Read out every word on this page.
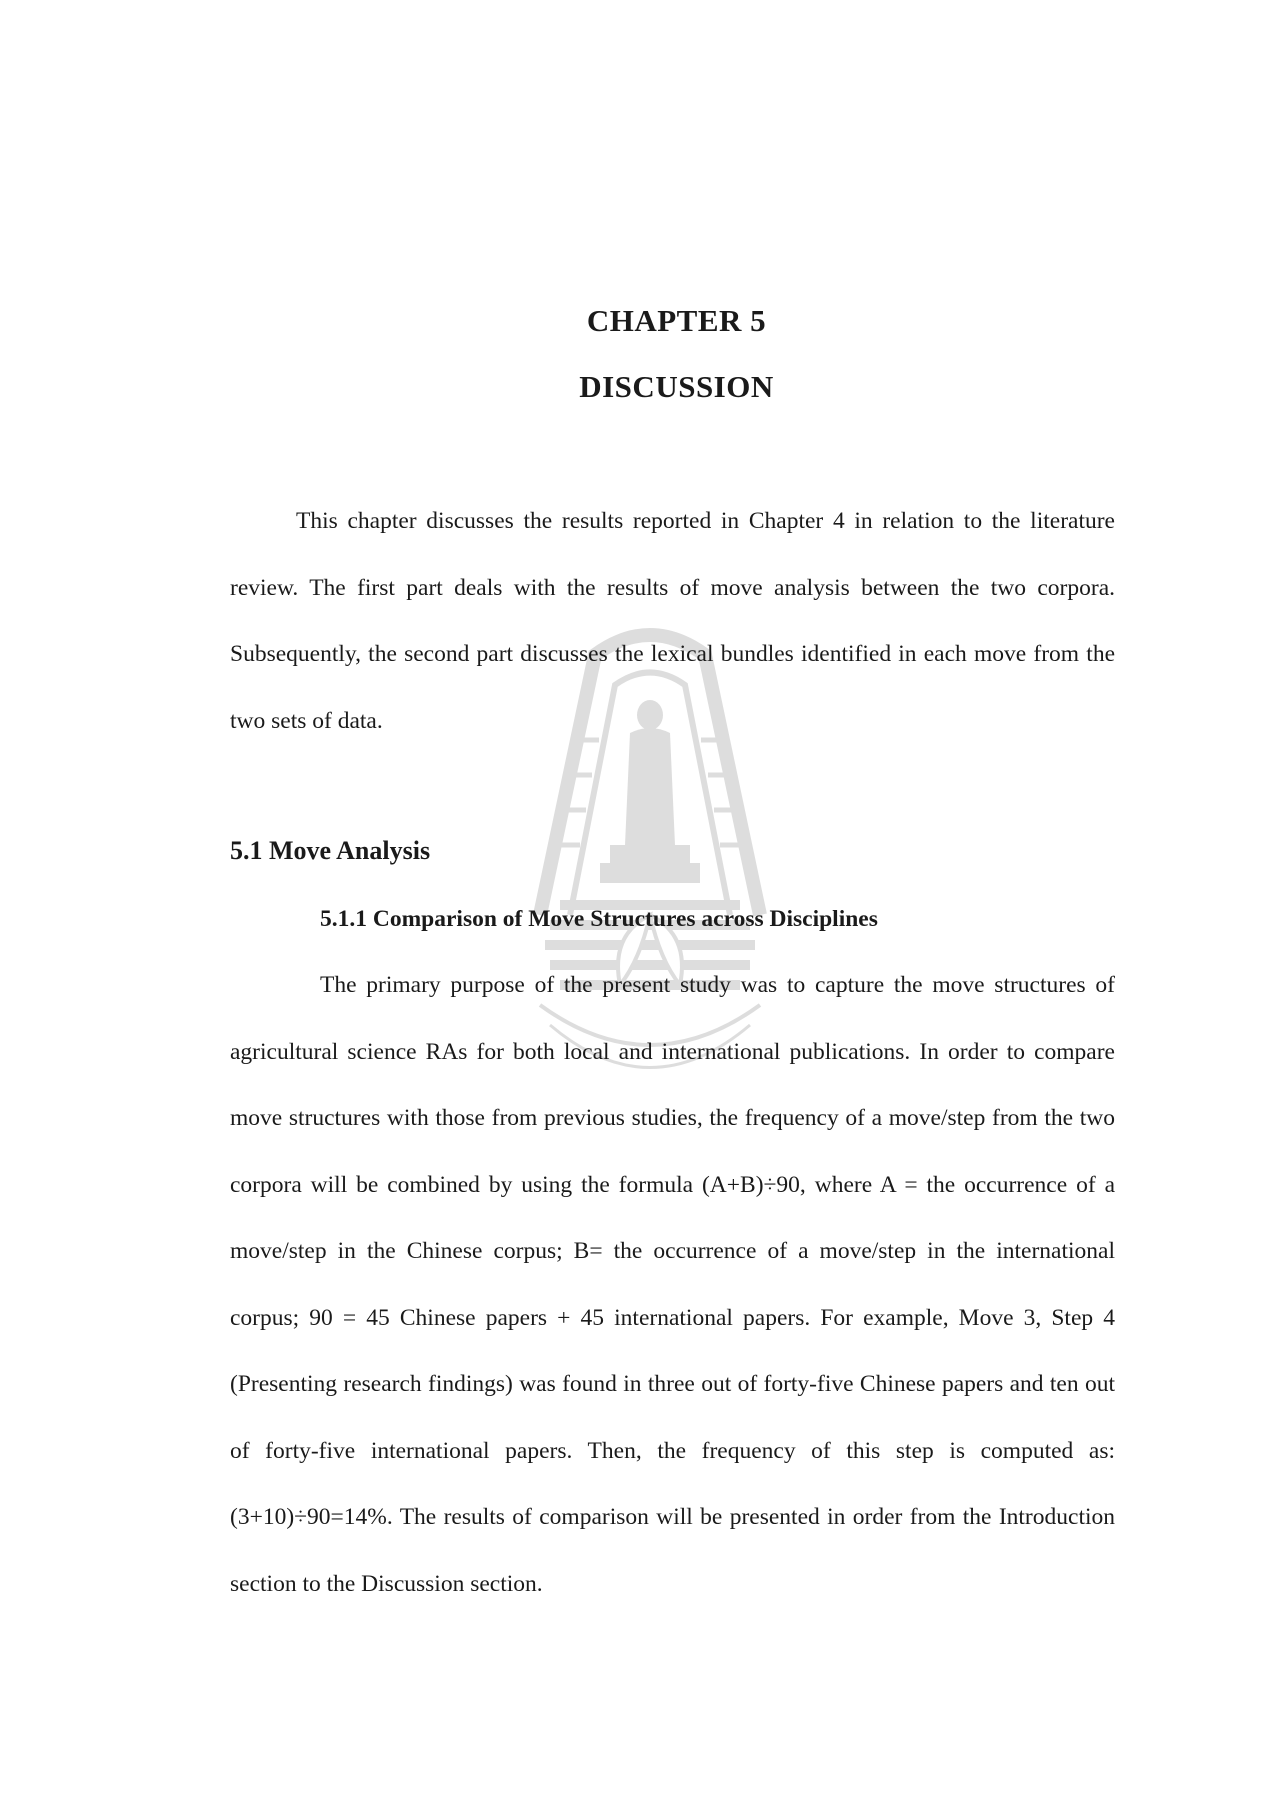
CHAPTER 5
DISCUSSION

This chapter discusses the results reported in Chapter 4 in relation to the literature review. The first part deals with the results of move analysis between the two corpora. Subsequently, the second part discusses the lexical bundles identified in each move from the two sets of data.

5.1 Move Analysis
5.1.1 Comparison of Move Structures across Disciplines

The primary purpose of the present study was to capture the move structures of agricultural science RAs for both local and international publications. In order to compare move structures with those from previous studies, the frequency of a move/step from the two corpora will be combined by using the formula (A+B)÷90, where A = the occurrence of a move/step in the Chinese corpus; B= the occurrence of a move/step in the international corpus; 90 = 45 Chinese papers + 45 international papers. For example, Move 3, Step 4 (Presenting research findings) was found in three out of forty-five Chinese papers and ten out of forty-five international papers. Then, the frequency of this step is computed as: (3+10)÷90=14%. The results of comparison will be presented in order from the Introduction section to the Discussion section.
